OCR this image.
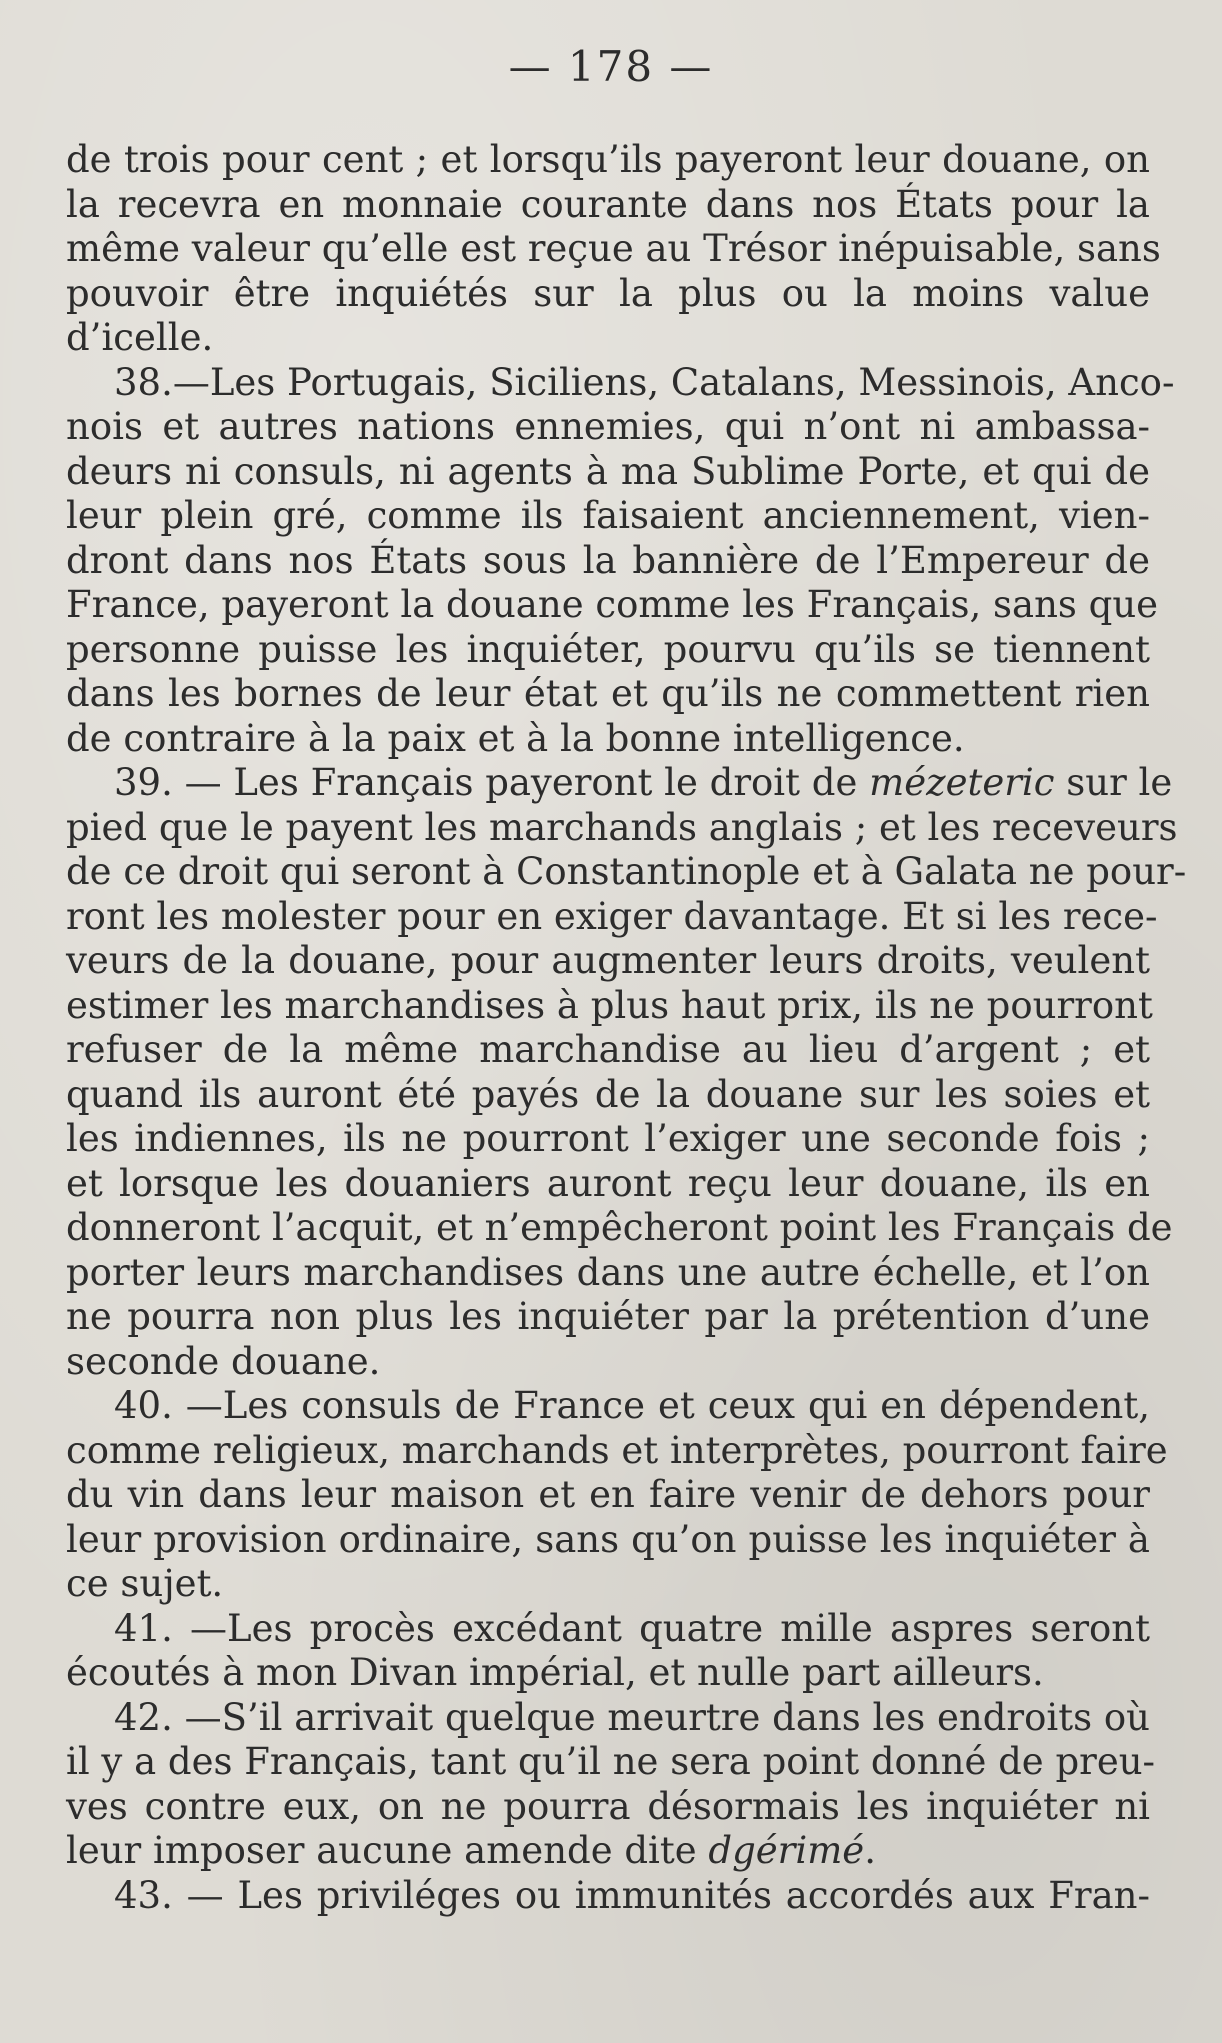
— 178 —
de trois pour cent ; et lorsqu’ils payeront leur douane, on
la recevra en monnaie courante dans nos États pour la
même valeur qu’elle est reçue au Trésor inépuisable, sans
pouvoir être inquiétés sur la plus ou la moins value
d’icelle.
38.—Les Portugais, Siciliens, Catalans, Messinois, Anco-
nois et autres nations ennemies, qui n’ont ni ambassa-
deurs ni consuls, ni agents à ma Sublime Porte, et qui de
leur plein gré, comme ils faisaient anciennement, vien-
dront dans nos États sous la bannière de l’Empereur de
France, payeront la douane comme les Français, sans que
personne puisse les inquiéter, pourvu qu’ils se tiennent
dans les bornes de leur état et qu’ils ne commettent rien
de contraire à la paix et à la bonne intelligence.
39. — Les Français payeront le droit de mézeteric sur le
pied que le payent les marchands anglais ; et les receveurs
de ce droit qui seront à Constantinople et à Galata ne pour-
ront les molester pour en exiger davantage. Et si les rece-
veurs de la douane, pour augmenter leurs droits, veulent
estimer les marchandises à plus haut prix, ils ne pourront
refuser de la même marchandise au lieu d’argent ; et
quand ils auront été payés de la douane sur les soies et
les indiennes, ils ne pourront l’exiger une seconde fois ;
et lorsque les douaniers auront reçu leur douane, ils en
donneront l’acquit, et n’empêcheront point les Français de
porter leurs marchandises dans une autre échelle, et l’on
ne pourra non plus les inquiéter par la prétention d’une
seconde douane.
40. —Les consuls de France et ceux qui en dépendent,
comme religieux, marchands et interprètes, pourront faire
du vin dans leur maison et en faire venir de dehors pour
leur provision ordinaire, sans qu’on puisse les inquiéter à
ce sujet.
41. —Les procès excédant quatre mille aspres seront
écoutés à mon Divan impérial, et nulle part ailleurs.
42. —S’il arrivait quelque meurtre dans les endroits où
il y a des Français, tant qu’il ne sera point donné de preu-
ves contre eux, on ne pourra désormais les inquiéter ni
leur imposer aucune amende dite dgérimé.
43. — Les priviléges ou immunités accordés aux Fran-
